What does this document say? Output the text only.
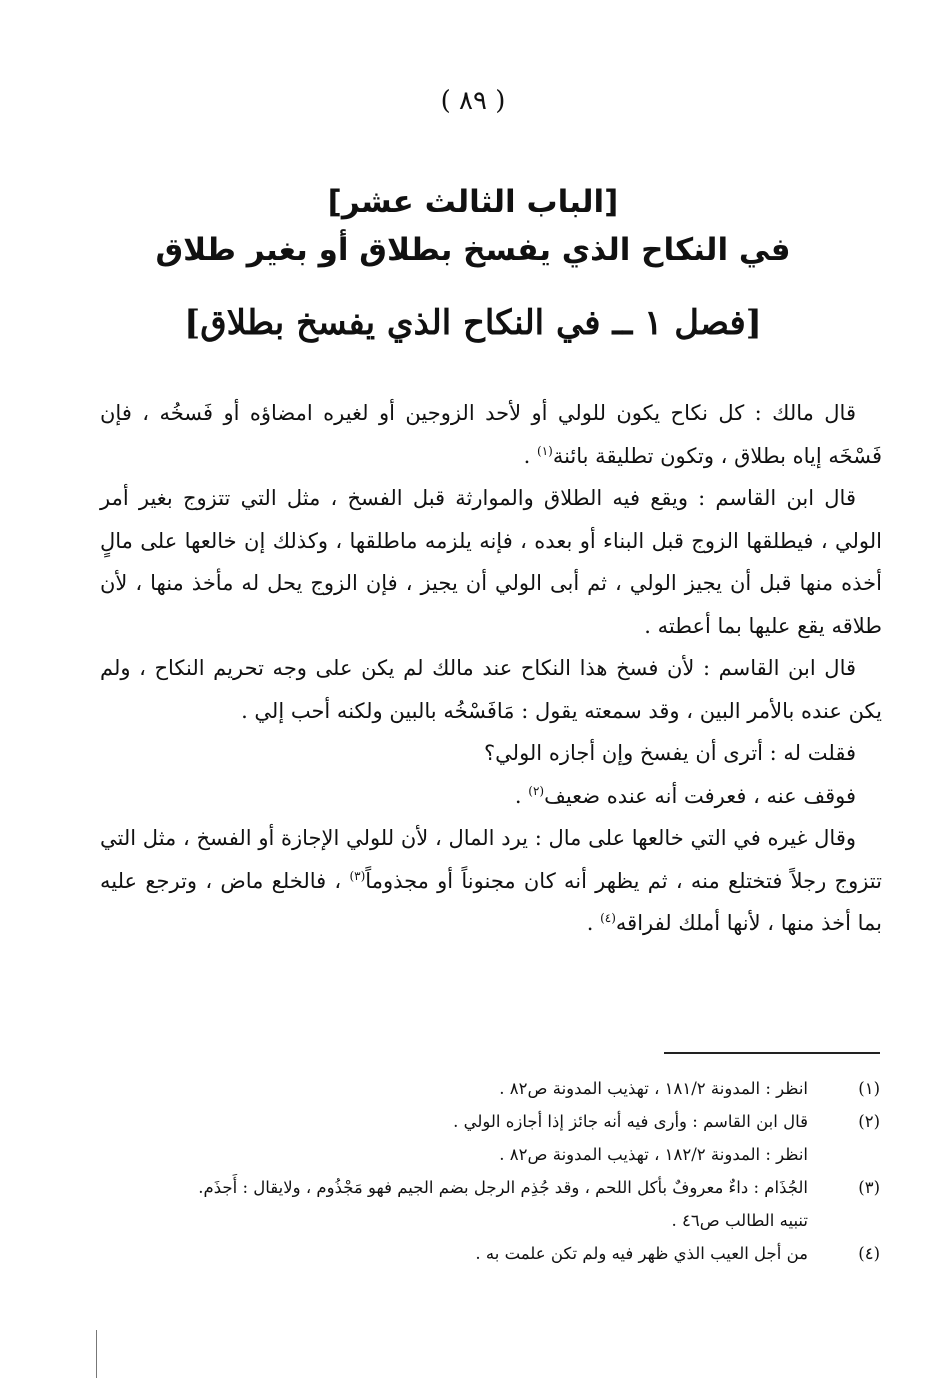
( ٨٩ )
[الباب الثالث عشر]
في النكاح الذي يفسخ بطلاق أو بغير طلاق
[فصل ١ ــ في النكاح الذي يفسخ بطلاق]

قال مالك : كل نكاح يكون للولي أو لأحد الزوجين أو لغيره امضاؤه أو فَسخُه ، فإن فَسْخَه إياه بطلاق ، وتكون تطليقة بائنة$^{(١)}$ .

قال ابن القاسم : ويقع فيه الطلاق والموارثة قبل الفسخ ، مثل التي تتزوج بغير أمر الولي ، فيطلقها الزوج قبل البناء أو بعده ، فإنه يلزمه ماطلقها ، وكذلك إن خالعها على مالٍ أخذه منها قبل أن يجيز الولي ، ثم أبى الولي أن يجيز ، فإن الزوج يحل له مأخذ منها ، لأن طلاقه يقع عليها بما أعطته .

قال ابن القاسم : لأن فسخ هذا النكاح عند مالك لم يكن على وجه تحريم النكاح ، ولم يكن عنده بالأمر البين ، وقد سمعته يقول : مَافَسْخُه بالبين ولكنه أحب إلي .

فقلت له : أترى أن يفسخ وإن أجازه الولي؟

فوقف عنه ، فعرفت أنه عنده ضعيف$^{(٢)}$ .

وقال غيره في التي خالعها على مال : يرد المال ، لأن للولي الإجازة أو الفسخ ، مثل التي تتزوج رجلاً فتختلع منه ، ثم يظهر أنه كان مجنوناً أو مجذوماً$^{(٣)}$ ، فالخلع ماض ، وترجع عليه بما أخذ منها ، لأنها أملك لفراقه$^{(٤)}$ .

(١)
انظر : المدونة ١٨١/٢ ، تهذيب المدونة ص٨٢ .
(٢)
قال ابن القاسم : وأرى فيه أنه جائز إذا أجازه الولي .
انظر : المدونة ١٨٢/٢ ، تهذيب المدونة ص٨٢ .
(٣)
الجُذَام : داءٌ معروفٌ بأكل اللحم ، وقد جُذِم الرجل بضم الجيم فهو مَجْذُوم ، ولايقال : أَجذَم.
تنبيه الطالب ص٤٦ .
(٤)
من أجل العيب الذي ظهر فيه ولم تكن علمت به .
